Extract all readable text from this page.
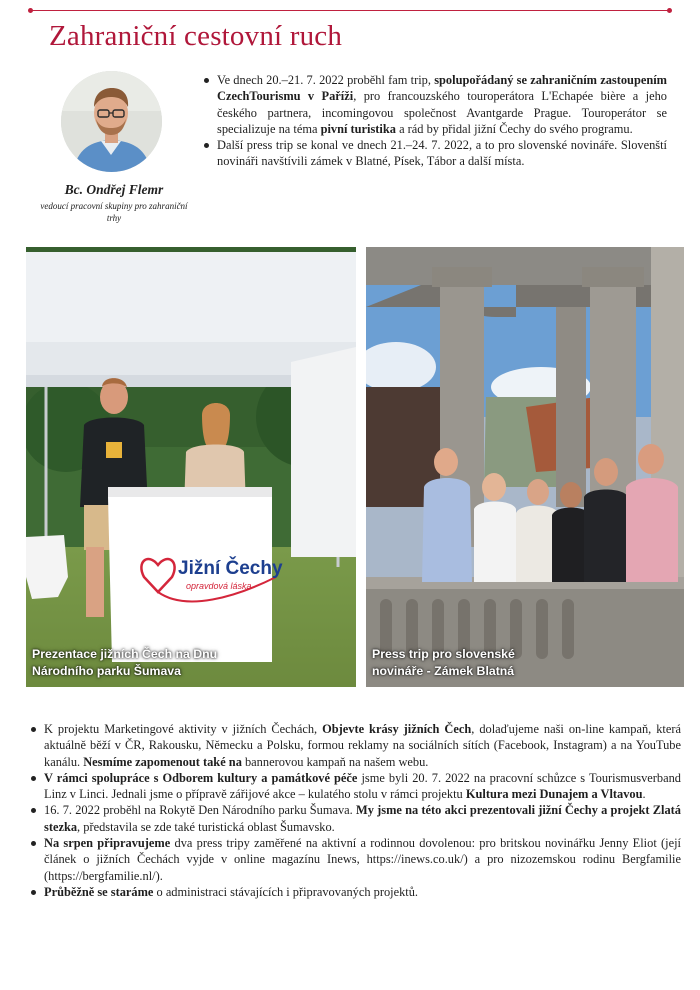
Zahraniční cestovní ruch
Bc. Ondřej Flemr
vedoucí pracovní skupiny pro zahraniční trhy
Ve dnech 20.–21. 7. 2022 proběhl fam trip, spolupořádaný se zahraničním zastoupením CzechTourismu v Paříži, pro francouzského touroperátora L'Echapée bière a jeho českého partnera, incomingovou společnost Avantgarde Prague. Touroperátor se specializuje na téma pivní turistika a rád by přidal jižní Čechy do svého programu.
Další press trip se konal ve dnech 21.–24. 7. 2022, a to pro slovenské novináře. Slovenští novináři navštívili zámek v Blatné, Písek, Tábor a další místa.
Jižní Čechy
opravdová láska
Prezentace jižních Čech na Dnu
Národního parku Šumava
Press trip pro slovenské
novináře - Zámek Blatná
K projektu Marketingové aktivity v jižních Čechách, Objevte krásy jižních Čech, dolaďujeme naši on-line kampaň, která aktuálně běží v ČR, Rakousku, Německu a Polsku, formou reklamy na sociálních sítích (Facebook, Instagram) a na YouTube kanálu. Nesmíme zapomenout také na bannerovou kampaň na našem webu.
V rámci spolupráce s Odborem kultury a památkové péče jsme byli 20. 7. 2022 na pracovní schůzce s Tourismusverband Linz v Linci. Jednali jsme o přípravě zářijové akce – kulatého stolu v rámci projektu Kultura mezi Dunajem a Vltavou.
16. 7. 2022 proběhl na Rokytě Den Národního parku Šumava. My jsme na této akci prezentovali jižní Čechy a projekt Zlatá stezka, představila se zde také turistická oblast Šumavsko.
Na srpen připravujeme dva press tripy zaměřené na aktivní a rodinnou dovolenou: pro britskou novinářku Jenny Eliot (její článek o jižních Čechách vyjde v online magazínu Inews, https://inews.co.uk/) a pro nizozemskou rodinu Bergfamilie (https://bergfamilie.nl/).
Průběžně se staráme o administraci stávajících i připravovaných projektů.
